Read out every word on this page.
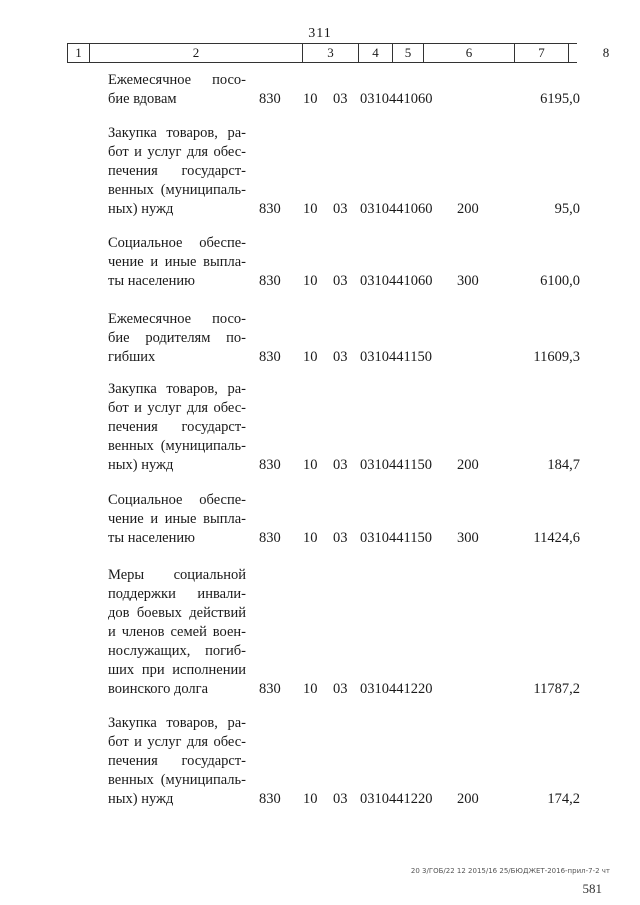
311
1	2	3	4	5	6	7	8
Ежемесячное посо-
бие вдовам	830 10 03 0310441060	6195,0
Закупка товаров, ра-
бот и услуг для обес-
печения государст-
венных (муниципаль-
ных) нужд	830 10 03 0310441060 200	95,0
Социальное обеспе-
чение и иные выпла-
ты населению	830 10 03 0310441060 300	6100,0
Ежемесячное посо-
бие родителям по-
гибших	830 10 03 0310441150	11609,3
Закупка товаров, ра-
бот и услуг для обес-
печения государст-
венных (муниципаль-
ных) нужд	830 10 03 0310441150 200	184,7
Социальное обеспе-
чение и иные выпла-
ты населению	830 10 03 0310441150 300	11424,6
Меры социальной
поддержки инвали-
дов боевых действий
и членов семей воен-
нослужащих, погиб-
ших при исполнении
воинского долга	830 10 03 0310441220	11787,2
Закупка товаров, ра-
бот и услуг для обес-
печения государст-
венных (муниципаль-
ных) нужд	830 10 03 0310441220 200	174,2
20 3/ГОБ/22 12 2015/16 25/БЮДЖЕТ-2016-прил-7-2 чт
581
